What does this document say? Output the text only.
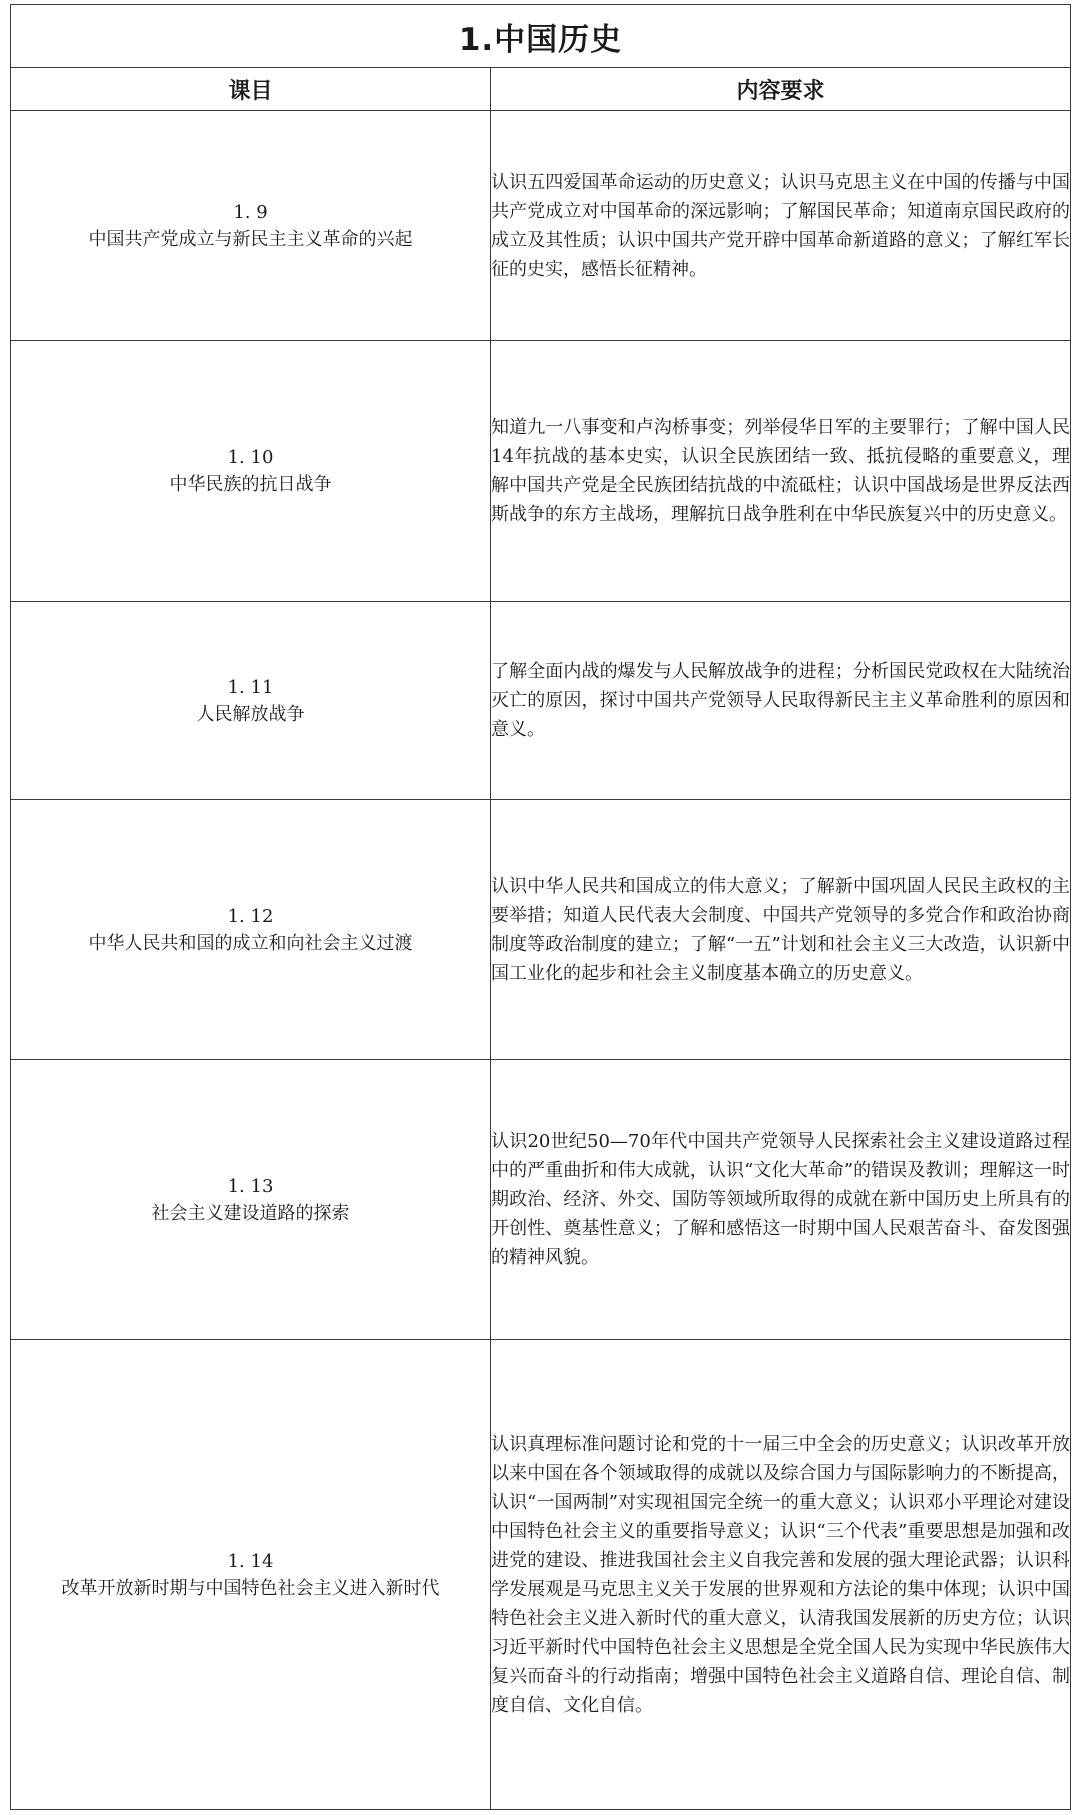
1.中国历史	
课目	内容要求

1. 9
中国共产党成立与新民主主义革命的兴起	认识五四爱国革命运动的历史意义；认识马克思主义在中国的传播与中国共产党成立对中国革命的深远影响；了解国民革命；知道南京国民政府的成立及其性质；认识中国共产党开辟中国革命新道路的意义；了解红军长征的史实，感悟长征精神。

1. 10
中华民族的抗日战争	知道九一八事变和卢沟桥事变；列举侵华日军的主要罪行；了解中国人民 14年抗战的基本史实，认识全民族团结一致、抵抗侵略的重要意义，理解中国共产党是全民族团结抗战的中流砥柱；认识中国战场是世界反法西斯战争的东方主战场，理解抗日战争胜利在中华民族复兴中的历史意义。

1. 11
人民解放战争	了解全面内战的爆发与人民解放战争的进程；分析国民党政权在大陆统治灭亡的原因，探讨中国共产党领导人民取得新民主主义革命胜利的原因和意义。

1. 12
中华人民共和国的成立和向社会主义过渡	认识中华人民共和国成立的伟大意义；了解新中国巩固人民民主政权的主要举措；知道人民代表大会制度、中国共产党领导的多党合作和政治协商制度等政治制度的建立；了解“一五”计划和社会主义三大改造，认识新中国工业化的起步和社会主义制度基本确立的历史意义。

1. 13
社会主义建设道路的探索	认识20世纪50—70年代中国共产党领导人民探索社会主义建设道路过程中的严重曲折和伟大成就，认识“文化大革命”的错误及教训；理解这一时期政治、经济、外交、国防等领域所取得的成就在新中国历史上所具有的开创性、奠基性意义；了解和感悟这一时期中国人民艰苦奋斗、奋发图强的精神风貌。

1. 14
改革开放新时期与中国特色社会主义进入新时代	认识真理标准问题讨论和党的十一届三中全会的历史意义；认识改革开放以来中国在各个领域取得的成就以及综合国力与国际影响力的不断提高，认识“一国两制”对实现祖国完全统一的重大意义；认识邓小平理论对建设中国特色社会主义的重要指导意义；认识“三个代表”重要思想是加强和改进党的建设、推进我国社会主义自我完善和发展的强大理论武器；认识科学发展观是马克思主义关于发展的世界观和方法论的集中体现；认识中国特色社会主义进入新时代的重大意义，认清我国发展新的历史方位；认识习近平新时代中国特色社会主义思想是全党全国人民为实现中华民族伟大复兴而奋斗的行动指南；增强中国特色社会主义道路自信、理论自信、制度自信、文化自信。
